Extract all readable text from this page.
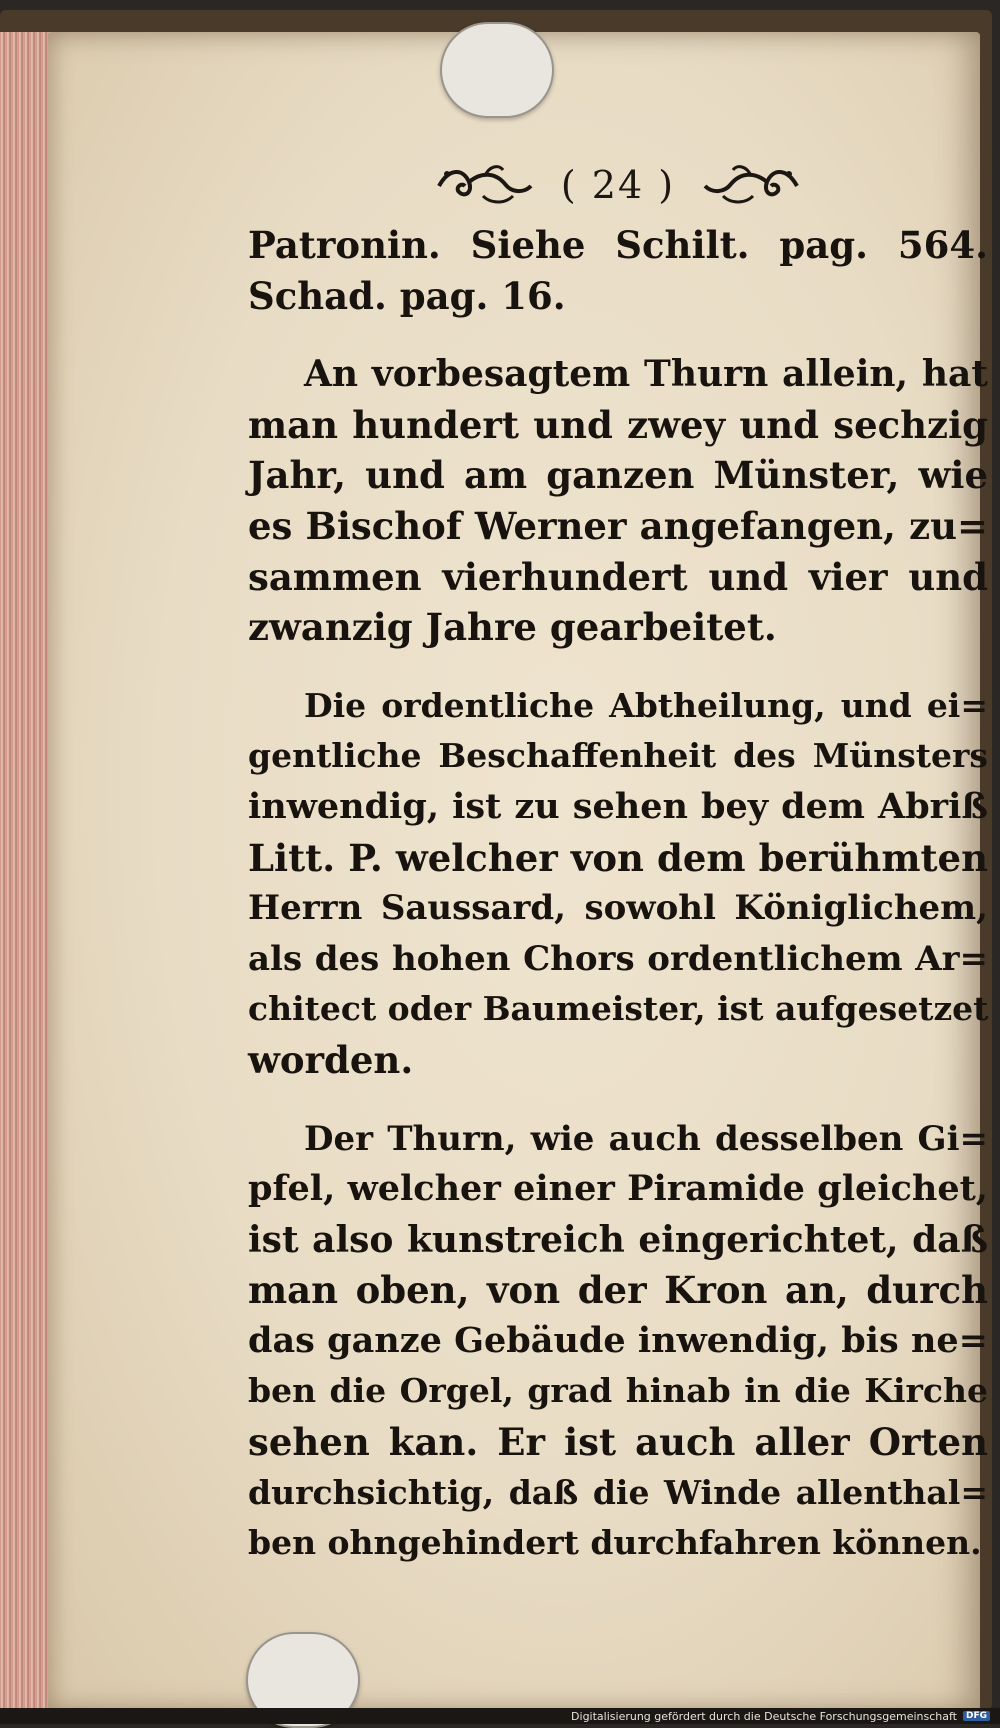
( 24 )
Patronin. Siehe Schilt. pag. 564.
Schad. pag. 16.
An vorbesagtem Thurn allein, hat
man hundert und zwey und sechzig
Jahr, und am ganzen Münster, wie
es Bischof Werner angefangen, zu=
sammen vierhundert und vier und
zwanzig Jahre gearbeitet.
Die ordentliche Abtheilung, und ei=
gentliche Beschaffenheit des Münsters
inwendig, ist zu sehen bey dem Abriß
Litt. P. welcher von dem berühmten
Herrn Saussard, sowohl Königlichem,
als des hohen Chors ordentlichem Ar=
chitect oder Baumeister, ist aufgesetzet
worden.
Der Thurn, wie auch desselben Gi=
pfel, welcher einer Piramide gleichet,
ist also kunstreich eingerichtet, daß
man oben, von der Kron an, durch
das ganze Gebäude inwendig, bis ne=
ben die Orgel, grad hinab in die Kirche
sehen kan. Er ist auch aller Orten
durchsichtig, daß die Winde allenthal=
ben ohngehindert durchfahren können.
Digitalisierung gefördert durch die Deutsche Forschungsgemeinschaft	DFG
